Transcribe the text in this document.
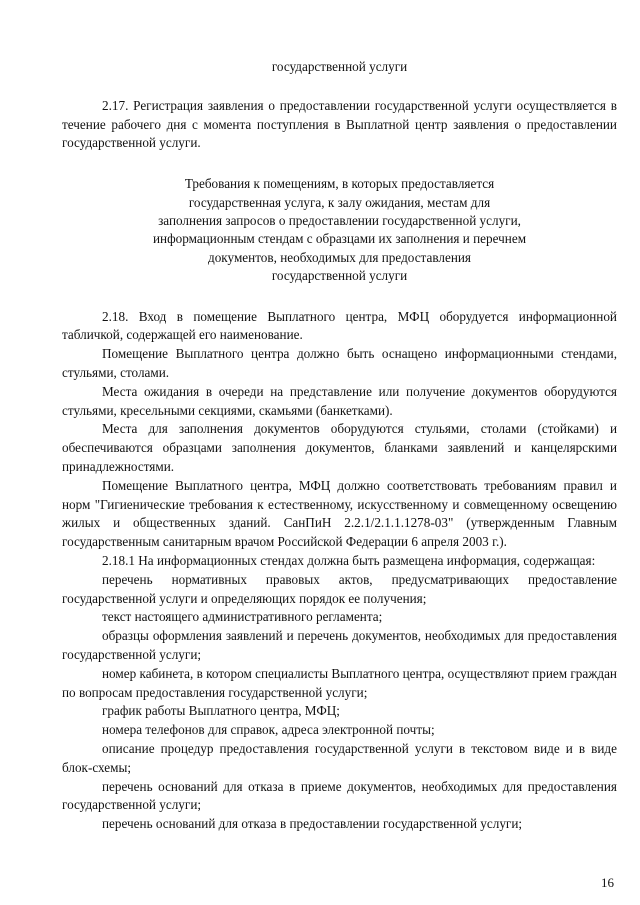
государственной услуги

2.17. Регистрация заявления о предоставлении государственной услуги осуществляется в течение рабочего дня с момента поступления в Выплатной центр заявления о предоставлении государственной услуги.

Требования к помещениям, в которых предоставляется
государственная услуга, к залу ожидания, местам для
заполнения запросов о предоставлении государственной услуги,
информационным стендам с образцами их заполнения и перечнем
документов, необходимых для предоставления
государственной услуги

2.18. Вход в помещение Выплатного центра, МФЦ оборудуется информационной табличкой, содержащей его наименование.

Помещение Выплатного центра должно быть оснащено информационными стендами, стульями, столами.

Места ожидания в очереди на представление или получение документов оборудуются стульями, кресельными секциями, скамьями (банкетками).

Места для заполнения документов оборудуются стульями, столами (стойками) и обеспечиваются образцами заполнения документов, бланками заявлений и канцелярскими принадлежностями.

Помещение Выплатного центра, МФЦ должно соответствовать требованиям правил и норм "Гигиенические требования к естественному, искусственному и совмещенному освещению жилых и общественных зданий. СанПиН 2.2.1/2.1.1.1278-03" (утвержденным Главным государственным санитарным врачом Российской Федерации 6 апреля 2003 г.).

2.18.1 На информационных стендах должна быть размещена информация, содержащая:

перечень нормативных правовых актов, предусматривающих предоставление государственной услуги и определяющих порядок ее получения;

текст настоящего административного регламента;

образцы оформления заявлений и перечень документов, необходимых для предоставления государственной услуги;

номер кабинета, в котором специалисты Выплатного центра, осуществляют прием граждан по вопросам предоставления государственной услуги;

график работы Выплатного центра, МФЦ;

номера телефонов для справок, адреса электронной почты;

описание процедур предоставления государственной услуги в текстовом виде и в виде блок-схемы;

перечень оснований для отказа в приеме документов, необходимых для предоставления государственной услуги;

перечень оснований для отказа в предоставлении государственной услуги;

16
